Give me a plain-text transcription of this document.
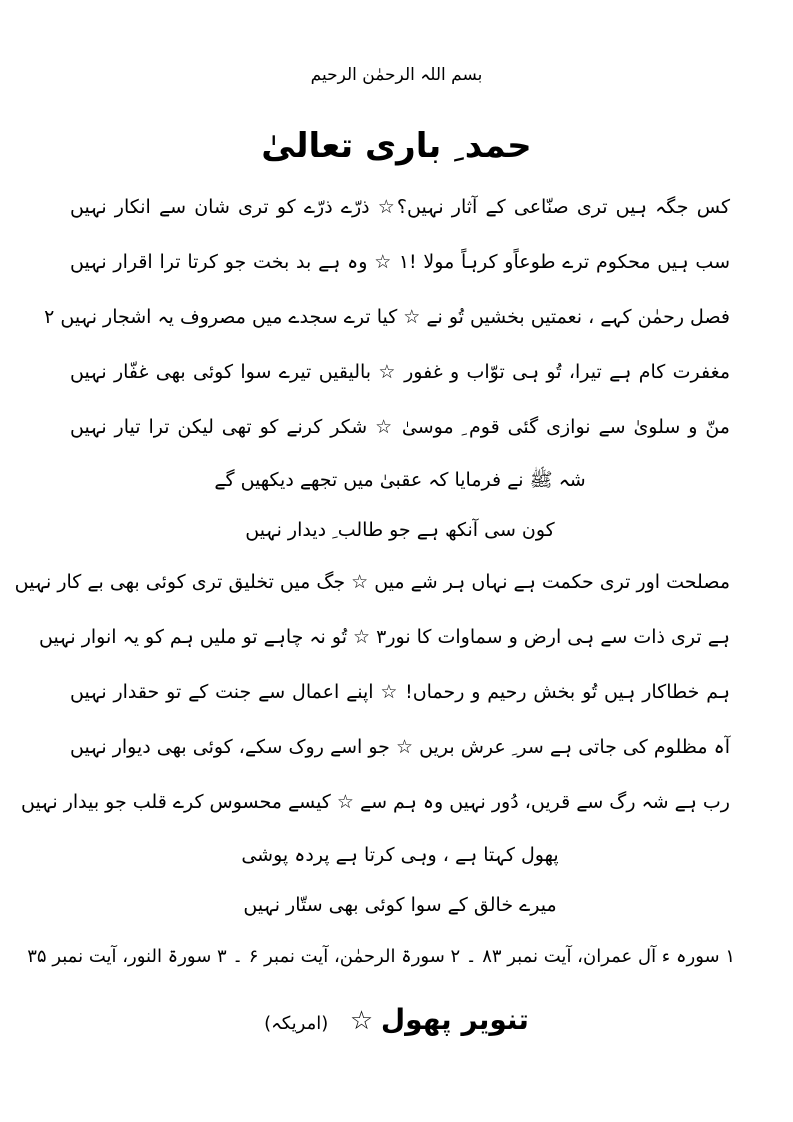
بسم اللہ الرحمٰن الرحیم
حمد ِ باری تعالیٰ
کس جگہ ہیں تری صنّاعی کے آثار نہیں؟☆ ذرّے ذرّے کو تری شان سے انکار نہیں
سب ہیں محکوم ترے طوعاًو کرہاً مولا !۱ ☆ وہ ہے بد بخت جو کرتا ترا اقرار نہیں
فصل رحمٰن کہے ، نعمتیں بخشیں تُو نے ☆ کیا ترے سجدے میں مصروف یہ اشجار نہیں ۲
مغفرت کام ہے تیرا، تُو ہی توّاب و غفور ☆ بالیقیں تیرے سوا کوئی بھی غفّار نہیں
منّ و سلویٰ سے نوازی گئی قوم ِ موسیٰ ☆ شکر کرنے کو تھی لیکن ترا تیار نہیں
شہ ﷺ نے فرمایا کہ عقبیٰ میں تجھے دیکھیں گے
کون سی آنکھ ہے جو طالب ِ دیدار نہیں
مصلحت اور تری حکمت ہے نہاں ہر شے میں ☆ جگ میں تخلیق تری کوئی بھی بے کار نہیں
ہے تری ذات سے ہی ارض و سماوات کا نور۳ ☆ تُو نہ چاہے تو ملیں ہم کو یہ انوار نہیں
ہم خطاکار ہیں تُو بخش رحیم و رحماں! ☆ اپنے اعمال سے جنت کے تو حقدار نہیں
آہ مظلوم کی جاتی ہے سر ِ عرش بریں ☆ جو اسے روک سکے، کوئی بھی دیوار نہیں
رب ہے شہ رگ سے قریں، دُور نہیں وہ ہم سے ☆ کیسے محسوس کرے قلب جو بیدار نہیں
پھول کہتا ہے ، وہی کرتا ہے پردہ پوشی
میرے خالق کے سوا کوئی بھی ستّار نہیں
۱ سورہ ء آل عمران، آیت نمبر ۸۳ ۔ ۲ سورۃ الرحمٰن، آیت نمبر ۶ ۔ ۳ سورۃ النور، آیت نمبر ۳۵
تنویر پھول ☆ (امریکہ)
